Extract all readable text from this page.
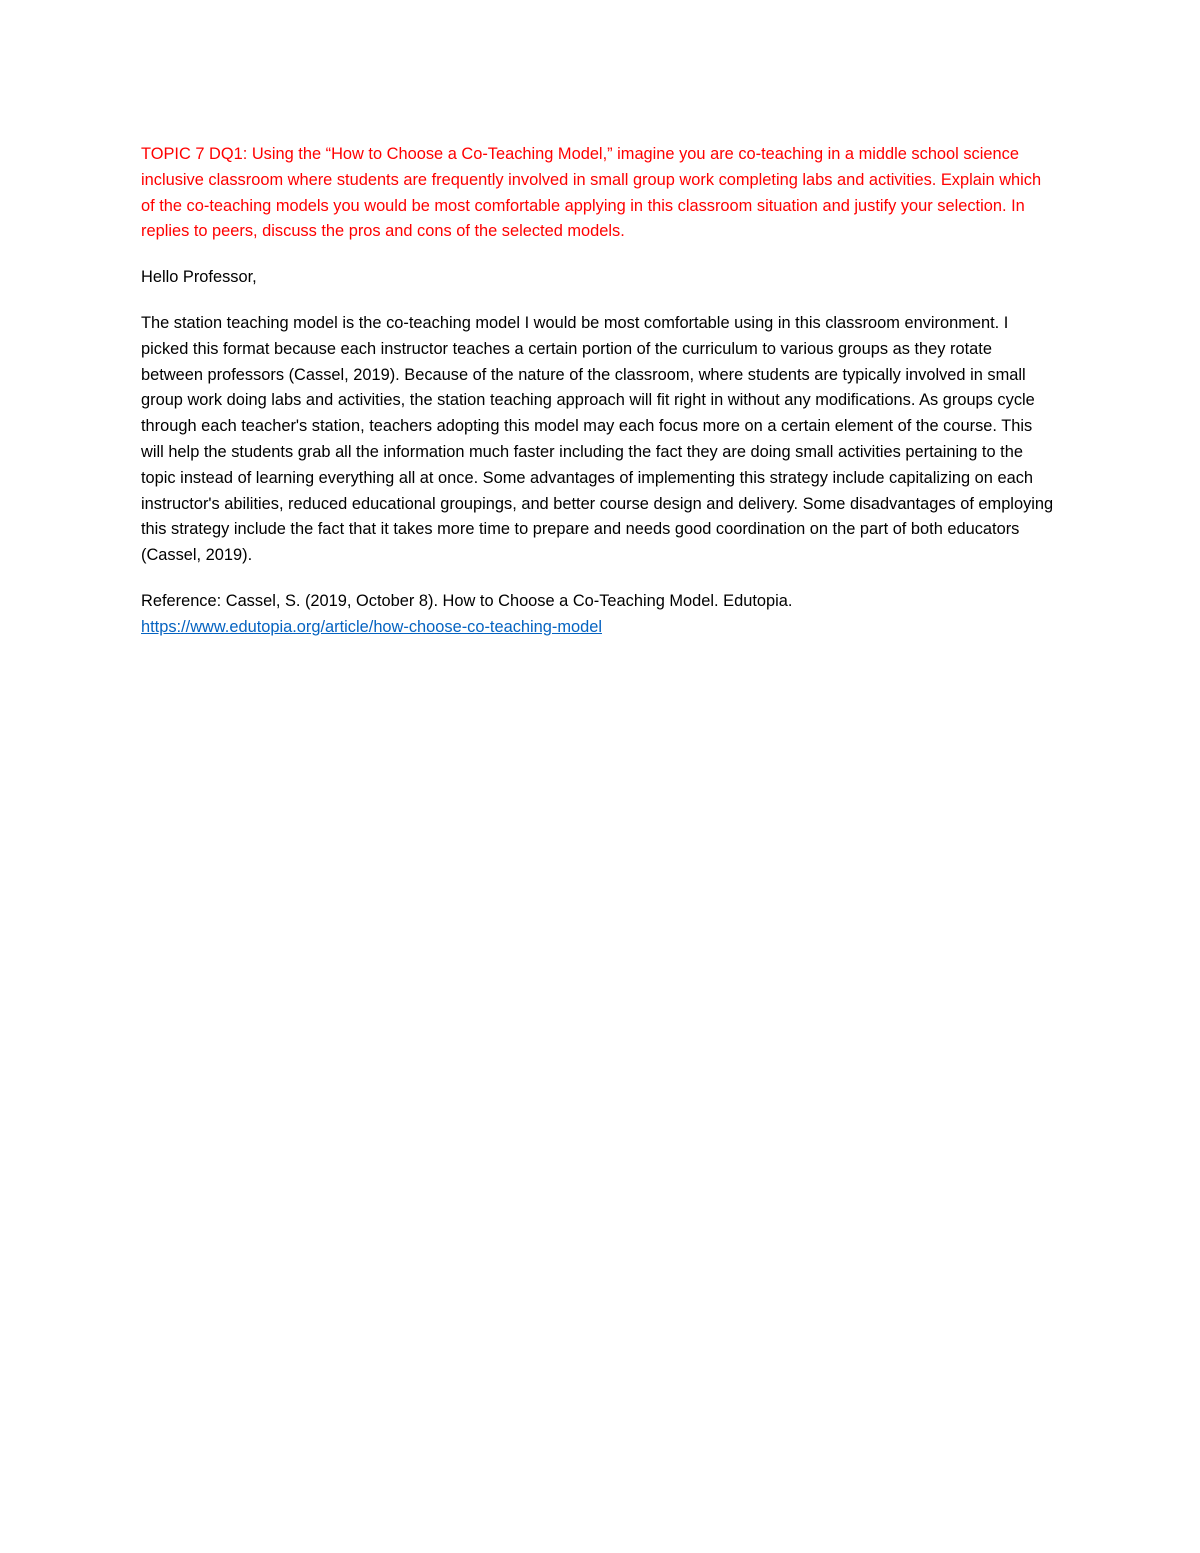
TOPIC 7 DQ1: Using the “How to Choose a Co-Teaching Model,” imagine you are co-teaching in a middle school science inclusive classroom where students are frequently involved in small group work completing labs and activities. Explain which of the co-teaching models you would be most comfortable applying in this classroom situation and justify your selection. In replies to peers, discuss the pros and cons of the selected models.

Hello Professor,

The station teaching model is the co-teaching model I would be most comfortable using in this classroom environment. I picked this format because each instructor teaches a certain portion of the curriculum to various groups as they rotate between professors (Cassel, 2019). Because of the nature of the classroom, where students are typically involved in small group work doing labs and activities, the station teaching approach will fit right in without any modifications. As groups cycle through each teacher's station, teachers adopting this model may each focus more on a certain element of the course. This will help the students grab all the information much faster including the fact they are doing small activities pertaining to the topic instead of learning everything all at once. Some advantages of implementing this strategy include capitalizing on each instructor's abilities, reduced educational groupings, and better course design and delivery. Some disadvantages of employing this strategy include the fact that it takes more time to prepare and needs good coordination on the part of both educators (Cassel, 2019).

Reference: Cassel, S. (2019, October 8). How to Choose a Co-Teaching Model. Edutopia.
https://www.edutopia.org/article/how-choose-co-teaching-model
